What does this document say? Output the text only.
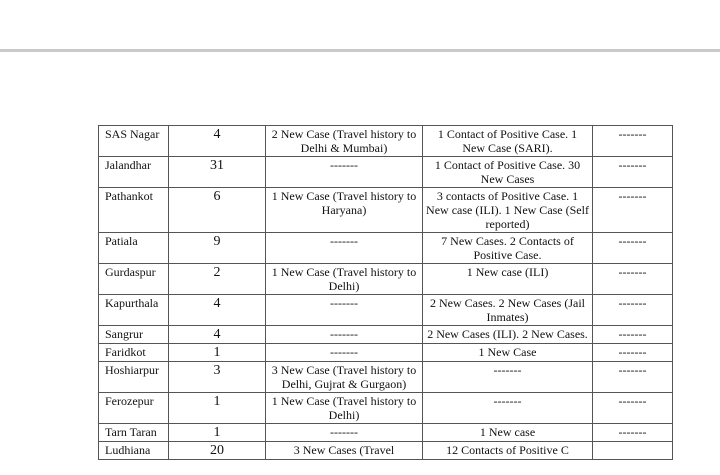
SAS Nagar	4	2 New Case (Travel history to Delhi & Mumbai)	1 Contact of Positive Case. 1 New Case (SARI).	-------
Jalandhar	31	-------	1 Contact of Positive Case. 30 New Cases	-------
Pathankot	6	1 New Case (Travel history to Haryana)	3 contacts of Positive Case. 1 New case (ILI). 1 New Case (Self reported)	-------
Patiala	9	-------	7 New Cases. 2 Contacts of Positive Case.	-------
Gurdaspur	2	1 New Case (Travel history to Delhi)	1 New case (ILI)	-------
Kapurthala	4	-------	2 New Cases. 2 New Cases (Jail Inmates)	-------
Sangrur	4	-------	2 New Cases (ILI). 2 New Cases.	-------
Faridkot	1	-------	1 New Case	-------
Hoshiarpur	3	3 New Case (Travel history to Delhi, Gujrat & Gurgaon)	-------	-------
Ferozepur	1	1 New Case (Travel history to Delhi)	-------	-------
Tarn Taran	1	-------	1 New case	-------
Ludhiana	20	3 New Cases (Travel	12 Contacts of Positive C	
